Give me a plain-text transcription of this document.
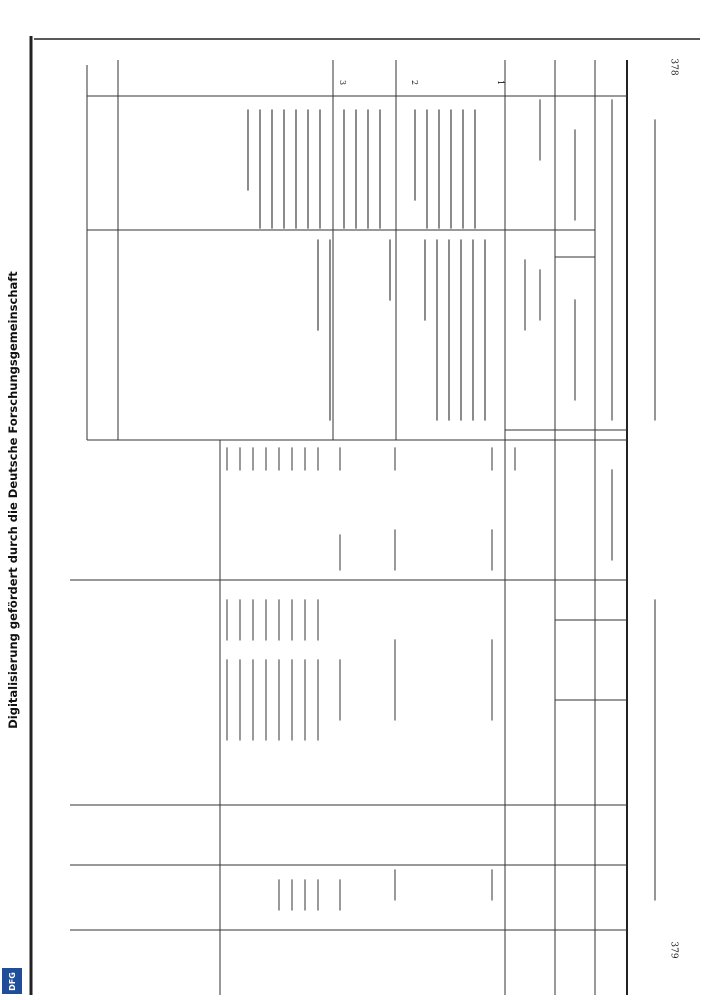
1
2
3
378
379
Digitalisierung gefördert durch die Deutsche Forschungsgemeinschaft
DFG
